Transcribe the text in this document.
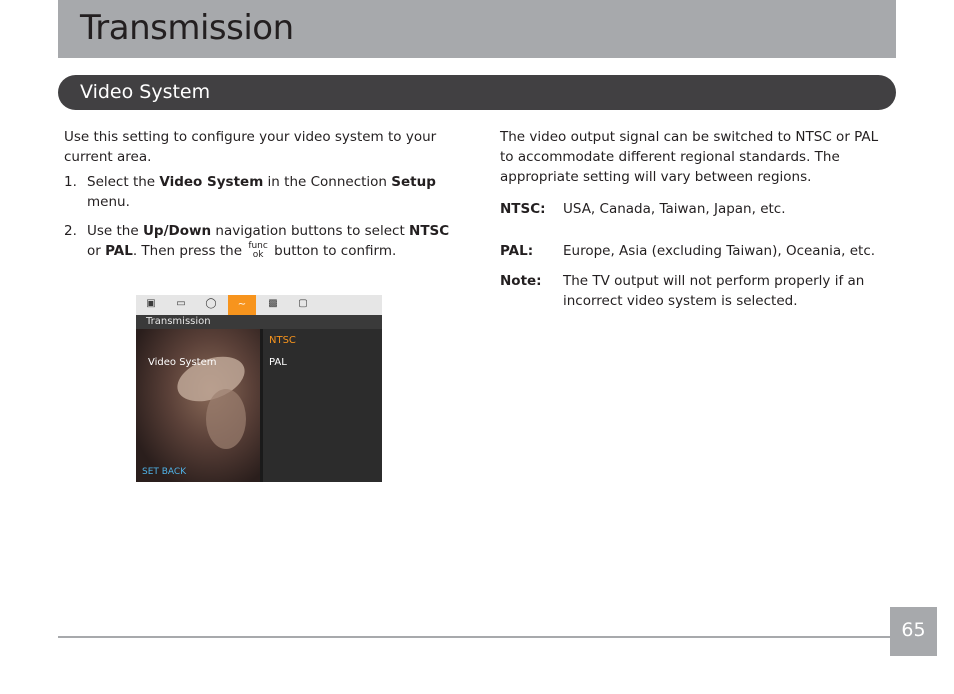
Transmission
Video System

Use this setting to configure your video system to your current area.

1. Select the Video System in the Connection Setup menu.
2. Use the Up/Down navigation buttons to select NTSC or PAL. Then press the func
ok button to confirm.
▣ ▭ ◯	∼	▩ ▢
Transmission
Video System
SET BACK
NTSC
PAL

The video output signal can be switched to NTSC or PAL to accommodate different regional standards. The appropriate setting will vary between regions.

NTSC: USA, Canada, Taiwan, Japan, etc.
PAL: Europe, Asia (excluding Taiwan), Oceania, etc.
Note: The TV output will not perform properly if an incorrect video system is selected.
65
